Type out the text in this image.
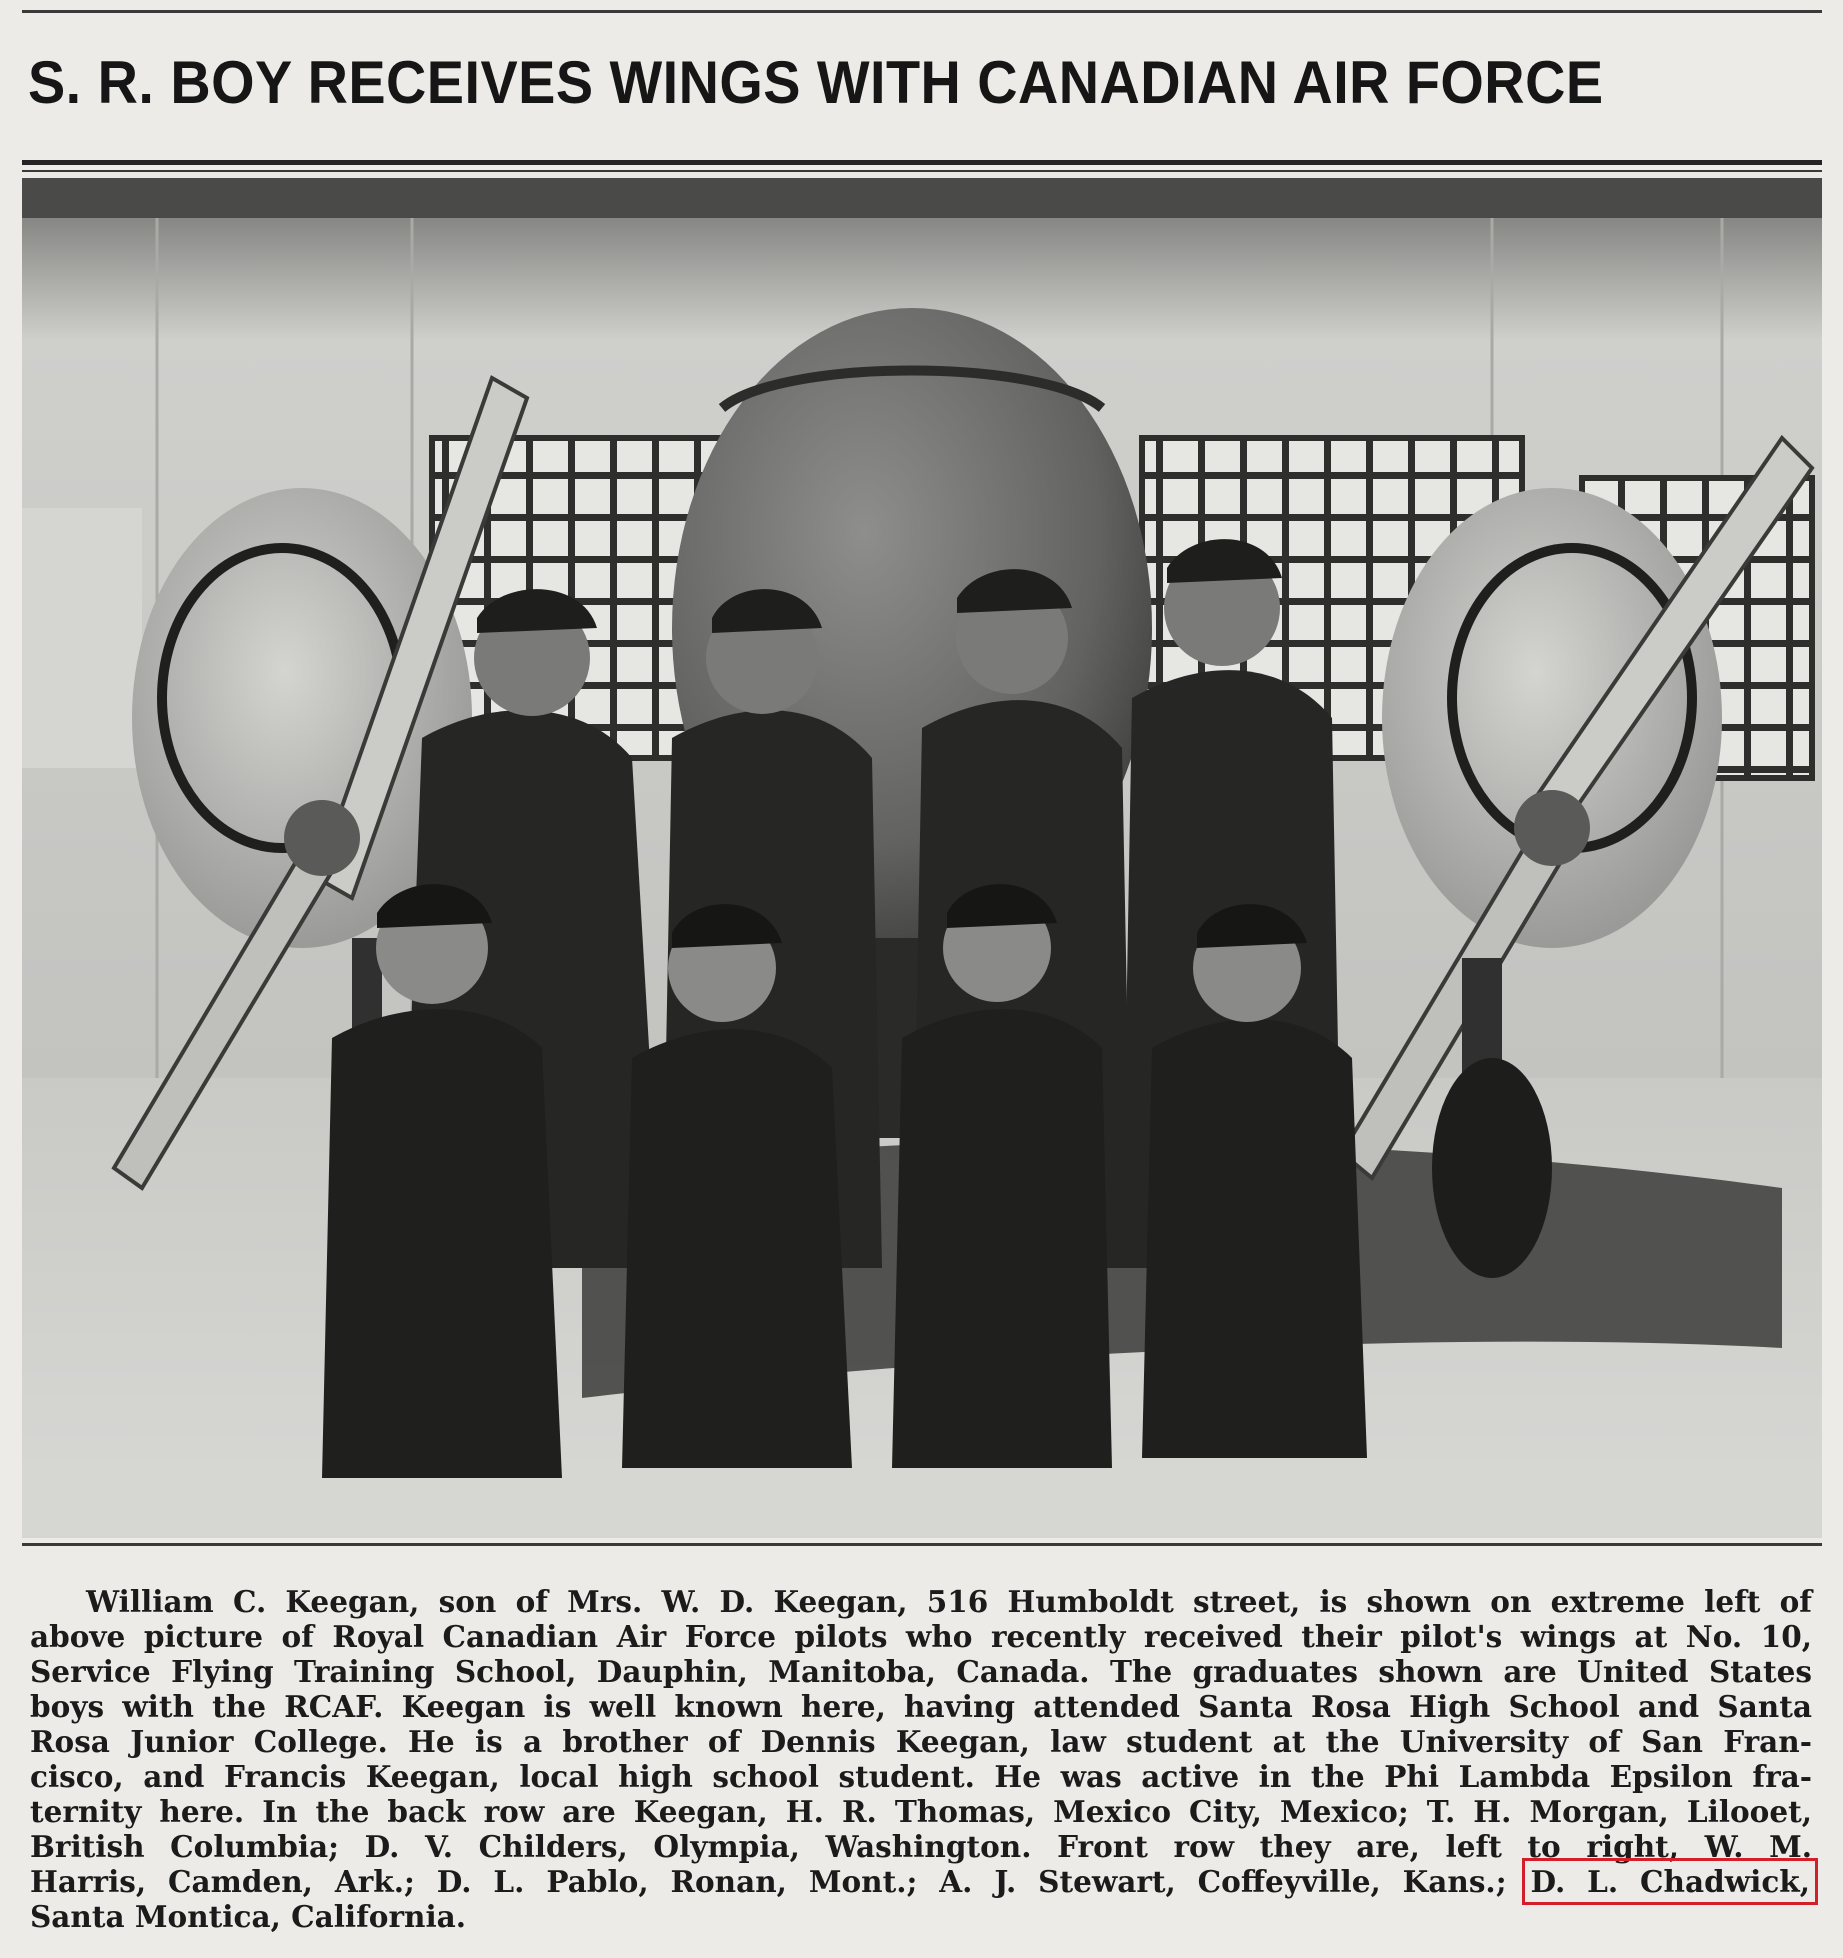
S. R. BOY RECEIVES WINGS WITH CANADIAN AIR FORCE
William C. Keegan, son of Mrs. W. D. Keegan, 516 Humboldt street, is shown on extreme left of
above picture of Royal Canadian Air Force pilots who recently received their pilot's wings at No. 10,
Service Flying Training School, Dauphin, Manitoba, Canada. The graduates shown are United States
boys with the RCAF. Keegan is well known here, having attended Santa Rosa High School and Santa
Rosa Junior College. He is a brother of Dennis Keegan, law student at the University of San Fran-
cisco, and Francis Keegan, local high school student. He was active in the Phi Lambda Epsilon fra-
ternity here. In the back row are Keegan, H. R. Thomas, Mexico City, Mexico; T. H. Morgan, Lilooet,
British Columbia; D. V. Childers, Olympia, Washington. Front row they are, left to right, W. M.
Harris, Camden, Ark.; D. L. Pablo, Ronan, Mont.; A. J. Stewart, Coffeyville, Kans.; D. L. Chadwick,
Santa Montica, California.
